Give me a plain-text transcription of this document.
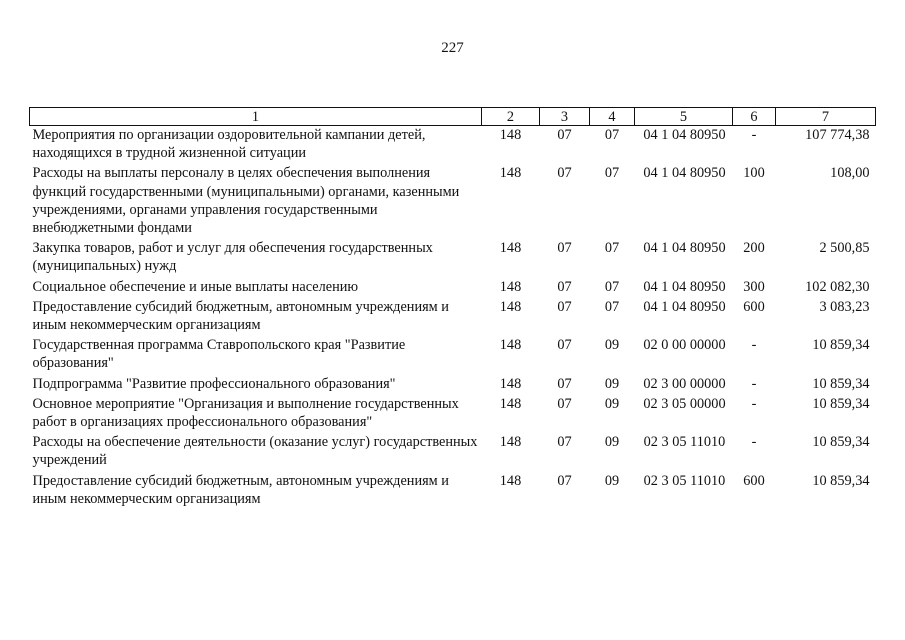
227
1	2	3	4	5	6	7
Мероприятия по организации оздоровительной кампании детей, находящихся в трудной жизненной ситуации	148	07	07	04 1 04 80950	-	107 774,38
Расходы на выплаты персоналу в целях обеспечения выполнения функций государственными (муниципальными) органами, казенными учреждениями, органами управления государственными внебюджетными фондами	148	07	07	04 1 04 80950	100	108,00
Закупка товаров, работ и услуг для обеспечения государственных (муниципальных) нужд	148	07	07	04 1 04 80950	200	2 500,85
Социальное обеспечение и иные выплаты населению	148	07	07	04 1 04 80950	300	102 082,30
Предоставление субсидий бюджетным, автономным учреждениям и иным некоммерческим организациям	148	07	07	04 1 04 80950	600	3 083,23
Государственная программа Ставропольского края "Развитие образования"	148	07	09	02 0 00 00000	-	10 859,34
Подпрограмма "Развитие профессионального образования"	148	07	09	02 3 00 00000	-	10 859,34
Основное мероприятие "Организация и выполнение государственных работ в организациях профессионального образования"	148	07	09	02 3 05 00000	-	10 859,34
Расходы на обеспечение деятельности (оказание услуг) государственных учреждений	148	07	09	02 3 05 11010	-	10 859,34
Предоставление субсидий бюджетным, автономным учреждениям и иным некоммерческим организациям	148	07	09	02 3 05 11010	600	10 859,34
